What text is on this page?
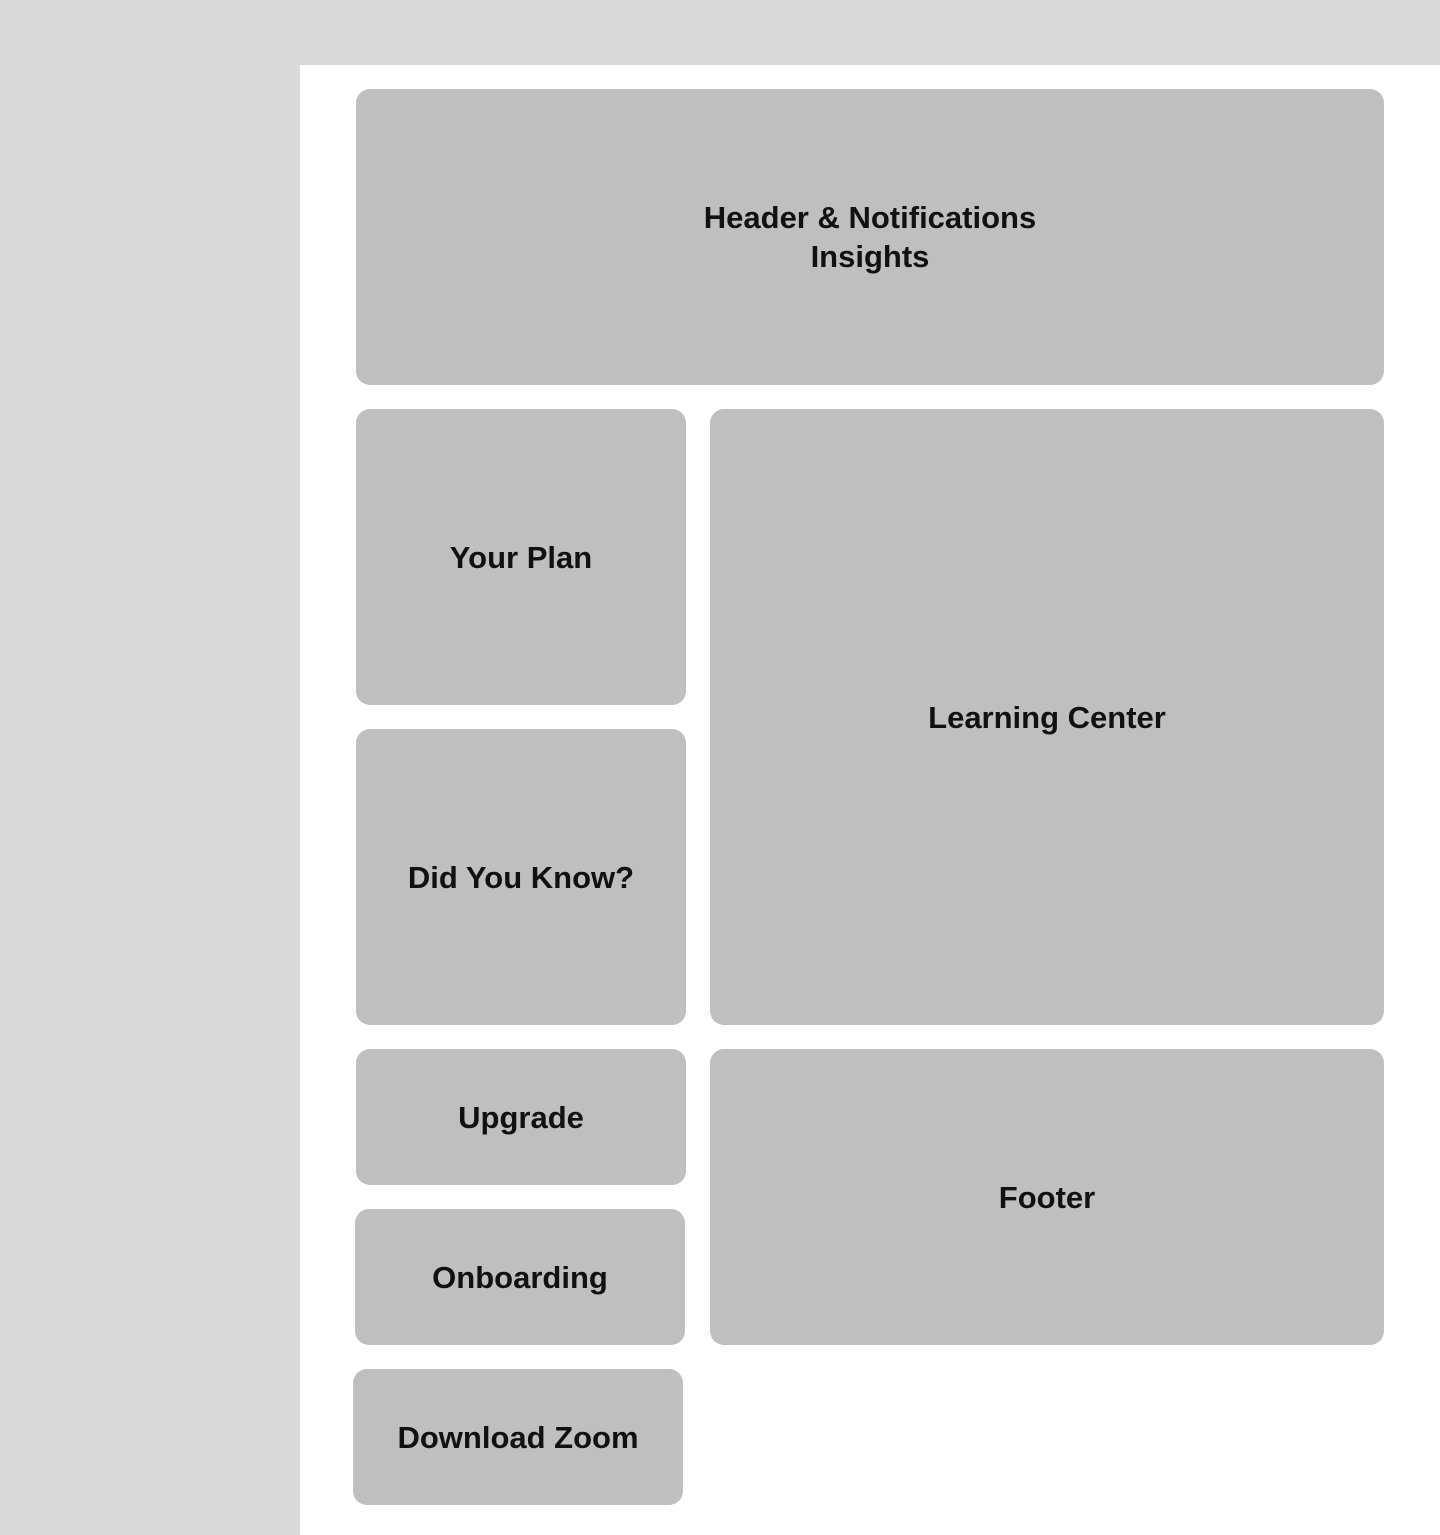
Header & Notifications
Insights
Your Plan
Learning Center
Did You Know?
Upgrade
Footer
Onboarding
Download Zoom
